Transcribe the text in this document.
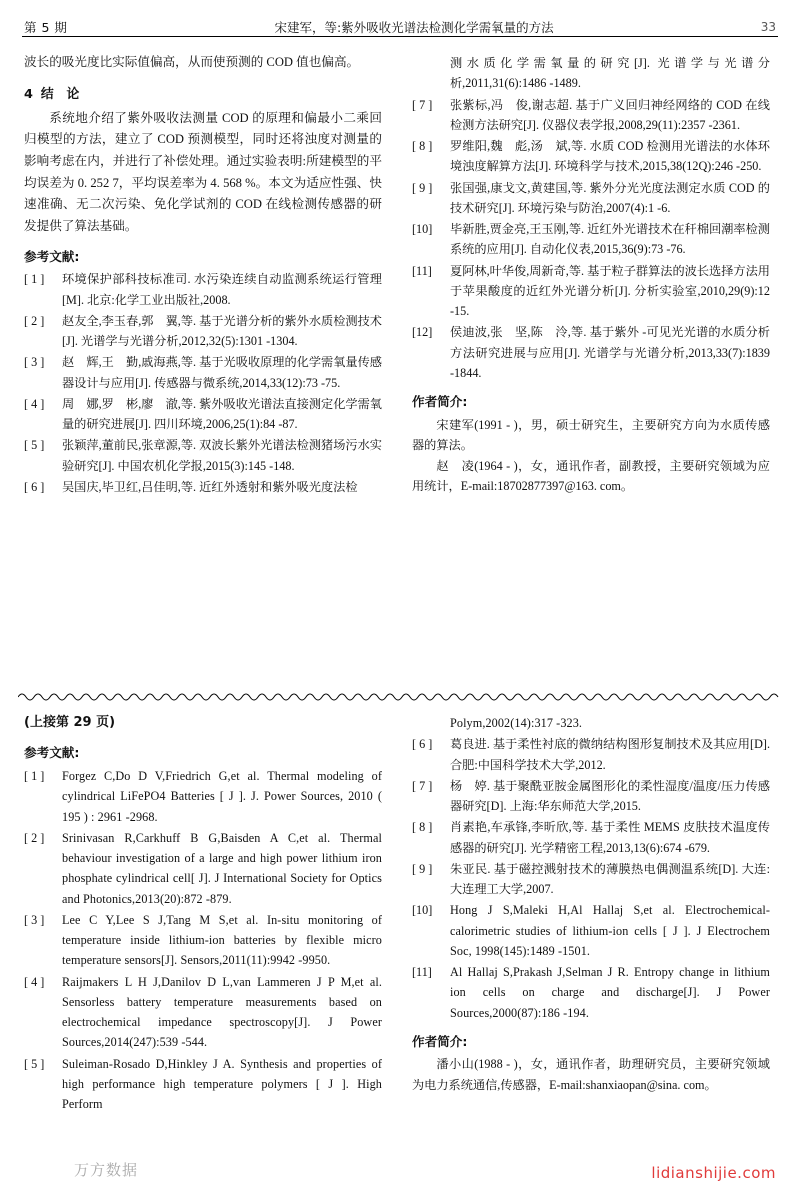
第 5 期	宋建军，等:紫外吸收光谱法检测化学需氧量的方法	33

波长的吸光度比实际值偏高，从而使预测的 COD 值也偏高。

4 结　论

系统地介绍了紫外吸收法测量 COD 的原理和偏最小二乘回归模型的方法，建立了 COD 预测模型，同时还将浊度对测量的影响考虑在内，并进行了补偿处理。通过实验表明:所建模型的平均误差为 0. 252 7，平均误差率为 4. 568 %。本文为适应性强、快速准确、无二次污染、免化学试剂的 COD 在线检测传感器的研发提供了算法基础。

参考文献:
[ 1 ]	环境保护部科技标准司. 水污染连续自动监测系统运行管理[M]. 北京:化学工业出版社,2008.
[ 2 ]	赵友全,李玉春,郭　翼,等. 基于光谱分析的紫外水质检测技术[J]. 光谱学与光谱分析,2012,32(5):1301 -1304.
[ 3 ]	赵　辉,王　勤,戚海燕,等. 基于光吸收原理的化学需氧量传感器设计与应用[J]. 传感器与微系统,2014,33(12):73 -75.
[ 4 ]	周　娜,罗　彬,廖　澈,等. 紫外吸收光谱法直接测定化学需氧量的研究进展[J]. 四川环境,2006,25(1):84 -87.
[ 5 ]	张颖萍,董前民,张章源,等. 双波长紫外光谱法检测猪场污水实验研究[J]. 中国农机化学报,2015(3):145 -148.
[ 6 ]	吴国庆,毕卫红,吕佳明,等. 近红外透射和紫外吸光度法检
测水质化学需氧量的研究[J]. 光谱学与光谱分析,2011,31(6):1486 -1489.
[ 7 ]	张紫标,冯　俊,谢志超. 基于广义回归神经网络的 COD 在线检测方法研究[J]. 仪器仪表学报,2008,29(11):2357 -2361.
[ 8 ]	罗维阳,魏　彪,汤　斌,等. 水质 COD 检测用光谱法的水体环境浊度解算方法[J]. 环境科学与技术,2015,38(12Q):246 -250.
[ 9 ]	张国强,康戈文,黄建国,等. 紫外分光光度法测定水质 COD 的技术研究[J]. 环境污染与防治,2007(4):1 -6.
[10]	毕新胜,贾金亮,王玉刚,等. 近红外光谱技术在秆棉回潮率检测系统的应用[J]. 自动化仪表,2015,36(9):73 -76.
[11]	夏阿林,叶华俊,周新奇,等. 基于粒子群算法的波长选择方法用于苹果酸度的近红外光谱分析[J]. 分析实验室,2010,29(9):12 -15.
[12]	侯迪波,张　坚,陈　泠,等. 基于紫外 -可见光光谱的水质分析方法研究进展与应用[J]. 光谱学与光谱分析,2013,33(7):1839 -1844.
作者简介:

宋建军(1991 - )，男，硕士研究生，主要研究方向为水质传感器的算法。

赵　凌(1964 - )，女，通讯作者，副教授，主要研究领域为应用统计，E-mail:18702877397@163. com。

(上接第 29 页)
参考文献:
[ 1 ]	Forgez C,Do D V,Friedrich G,et al. Thermal modeling of cylindrical LiFePO4 Batteries [ J ]. J. Power Sources, 2010 ( 195 ) : 2961 -2968.
[ 2 ]	Srinivasan R,Carkhuff B G,Baisden A C,et al. Thermal behaviour investigation of a large and high power lithium iron phosphate cylindrical cell[ J]. J International Society for Optics and Photonics,2013(20):872 -879.
[ 3 ]	Lee C Y,Lee S J,Tang M S,et al. In-situ monitoring of temperature inside lithium-ion batteries by flexible micro temperature sensors[J]. Sensors,2011(11):9942 -9950.
[ 4 ]	Raijmakers L H J,Danilov D L,van Lammeren J P M,et al. Sensorless battery temperature measurements based on electrochemical impedance spectroscopy[J]. J Power Sources,2014(247):539 -544.
[ 5 ]	Suleiman-Rosado D,Hinkley J A. Synthesis and properties of high performance high temperature polymers [ J ]. High Perform
Polym,2002(14):317 -323.
[ 6 ]	葛良进. 基于柔性衬底的微纳结构图形复制技术及其应用[D]. 合肥:中国科学技术大学,2012.
[ 7 ]	杨　婷. 基于聚酰亚胺金属图形化的柔性湿度/温度/压力传感器研究[D]. 上海:华东师范大学,2015.
[ 8 ]	肖素艳,车承锋,李昕欣,等. 基于柔性 MEMS 皮肤技术温度传感器的研究[J]. 光学精密工程,2013,13(6):674 -679.
[ 9 ]	朱亚民. 基于磁控溅射技术的薄膜热电偶测温系统[D]. 大连:大连理工大学,2007.
[10]	Hong J S,Maleki H,Al Hallaj S,et al. Electrochemical-calorimetric studies of lithium-ion cells [ J ]. J Electrochem Soc, 1998(145):1489 -1501.
[11]	Al Hallaj S,Prakash J,Selman J R. Entropy change in lithium ion cells on charge and discharge[J]. J Power Sources,2000(87):186 -194.
作者简介:

潘小山(1988 - )，女，通讯作者，助理研究员，主要研究领域为电力系统通信,传感器，E-mail:shanxiaopan@sina. com。

万方数据	lidianshijie.com
